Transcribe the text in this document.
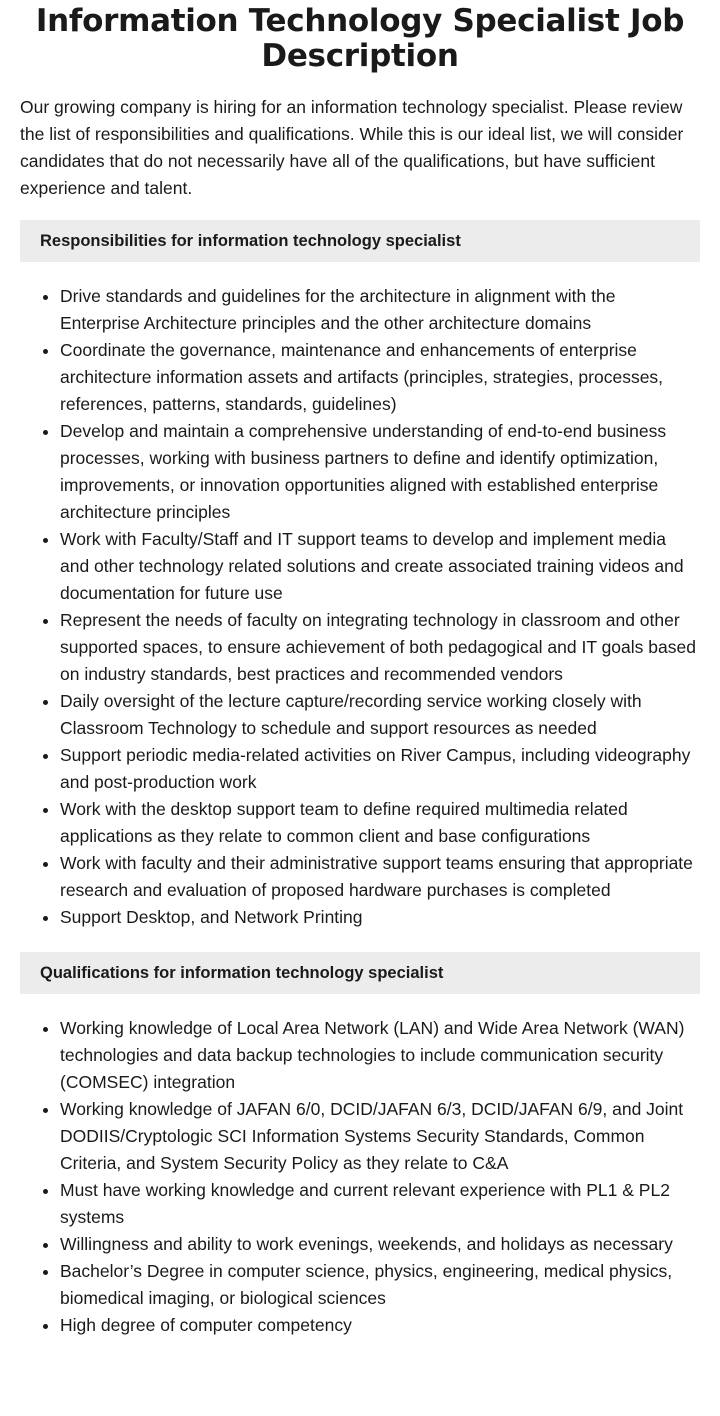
Information Technology Specialist Job Description

Our growing company is hiring for an information technology specialist. Please review the list of responsibilities and qualifications. While this is our ideal list, we will consider candidates that do not necessarily have all of the qualifications, but have sufficient experience and talent.

Responsibilities for information technology specialist
• Drive standards and guidelines for the architecture in alignment with the Enterprise Architecture principles and the other architecture domains
• Coordinate the governance, maintenance and enhancements of enterprise architecture information assets and artifacts (principles, strategies, processes, references, patterns, standards, guidelines)
• Develop and maintain a comprehensive understanding of end-to-end business processes, working with business partners to define and identify optimization, improvements, or innovation opportunities aligned with established enterprise architecture principles
• Work with Faculty/Staff and IT support teams to develop and implement media and other technology related solutions and create associated training videos and documentation for future use
• Represent the needs of faculty on integrating technology in classroom and other supported spaces, to ensure achievement of both pedagogical and IT goals based on industry standards, best practices and recommended vendors
• Daily oversight of the lecture capture/recording service working closely with Classroom Technology to schedule and support resources as needed
• Support periodic media-related activities on River Campus, including videography and post-production work
• Work with the desktop support team to define required multimedia related applications as they relate to common client and base configurations
• Work with faculty and their administrative support teams ensuring that appropriate research and evaluation of proposed hardware purchases is completed
• Support Desktop, and Network Printing
Qualifications for information technology specialist
• Working knowledge of Local Area Network (LAN) and Wide Area Network (WAN) technologies and data backup technologies to include communication security (COMSEC) integration
• Working knowledge of JAFAN 6/0, DCID/JAFAN 6/3, DCID/JAFAN 6/9, and Joint DODIIS/Cryptologic SCI Information Systems Security Standards, Common Criteria, and System Security Policy as they relate to C&A
• Must have working knowledge and current relevant experience with PL1 & PL2 systems
• Willingness and ability to work evenings, weekends, and holidays as necessary
• Bachelor’s Degree in computer science, physics, engineering, medical physics, biomedical imaging, or biological sciences
• High degree of computer competency
